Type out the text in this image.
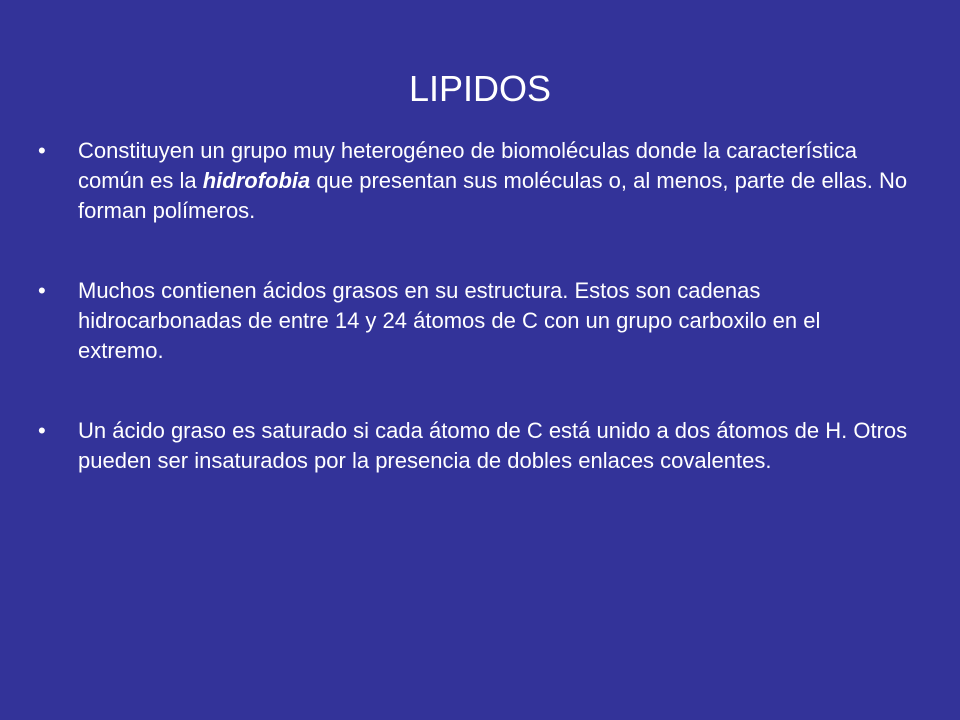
LIPIDOS
•	Constituyen un grupo muy heterogéneo de biomoléculas donde la característica común es la hidrofobia que presentan sus moléculas o, al menos, parte de ellas. No forman polímeros.
•	Muchos contienen ácidos grasos en su estructura. Estos son cadenas hidrocarbonadas de entre 14 y 24 átomos de C con un grupo carboxilo en el extremo.
•	Un ácido graso es saturado si cada átomo de C está unido a dos átomos de H. Otros pueden ser insaturados por la presencia de dobles enlaces covalentes.
